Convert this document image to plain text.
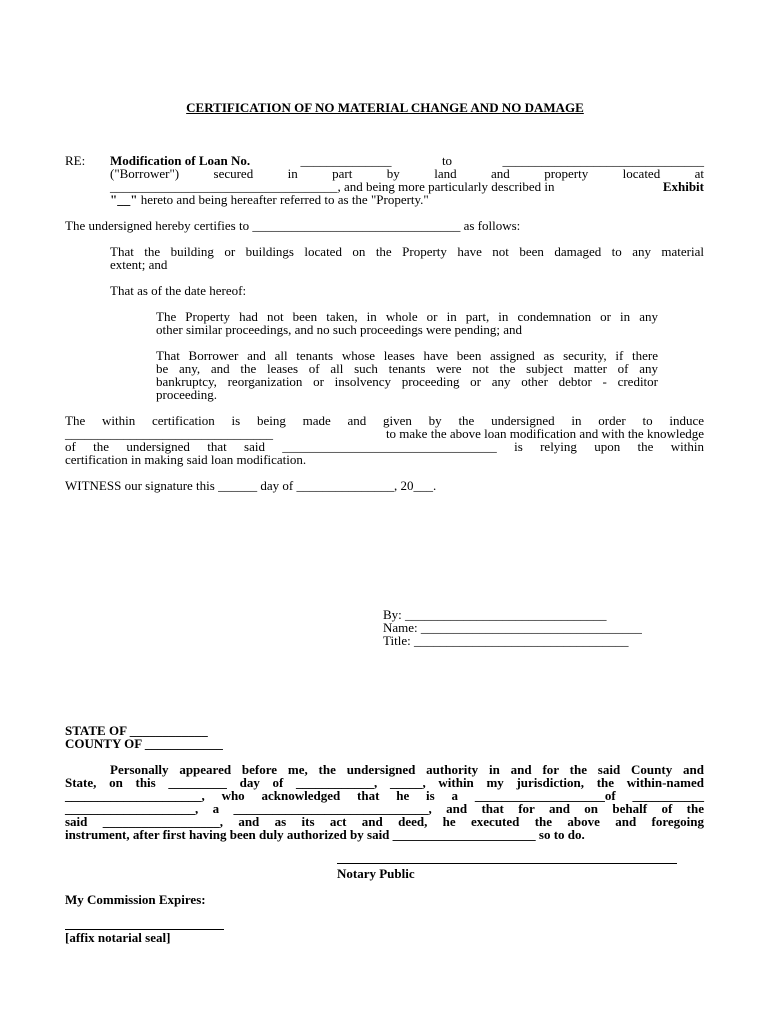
CERTIFICATION OF NO MATERIAL CHANGE AND NO DAMAGE
RE: Modification of Loan No.	______________	to	_______________________________
("Borrower") secured in part by land and property located at
___________________________________, and being more particularly described in	Exhibit
"__" hereto and being hereafter referred to as the "Property."
The undersigned hereby certifies to ________________________________ as follows:
That the building or buildings located on the Property have not been damaged to any material
extent; and
That as of the date hereof:
The Property had not been taken, in whole or in part, in condemnation or in any
other similar proceedings, and no such proceedings were pending; and
That Borrower and all tenants whose leases have been assigned as security, if there
be any, and the leases of all such tenants were not the subject matter of any
bankruptcy, reorganization or insolvency proceeding or any other debtor - creditor
proceeding.
The within certification is being made and given by the undersigned in order to induce
________________________________	to make the above loan modification and with the knowledge
of the undersigned that said _________________________________ is relying upon the within
certification in making said loan modification.
WITNESS our signature this ______ day of _______________, 20___.
By: _______________________________
Name: __________________________________
Title: _________________________________
STATE OF ____________
COUNTY OF ____________
Personally appeared before me, the undersigned authority in and for the said County and
State, on this _________ day of ____________, _____, within my jurisdiction, the within-named
_____________________, who acknowledged that he is a ____________________of ___________
____________________, a ______________________________, and that for and on behalf of the
said __________________, and as its act and deed, he executed the above and foregoing
instrument, after first having been duly authorized by said ______________________ so to do.
Notary Public
My Commission Expires:
[affix notarial seal]
